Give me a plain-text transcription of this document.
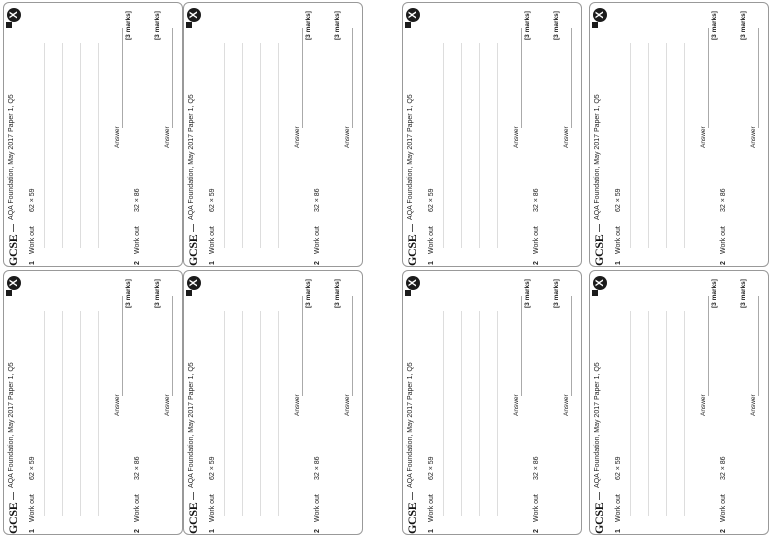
GCSE
AQA Foundation, May 2017 Paper 1, Q5
X
1
Work out
62 × 59
Answer
[3 marks]
2
Work out
32 × 86
Answer
[3 marks]
GCSE
AQA Foundation, May 2017 Paper 1, Q5
X
1
Work out
62 × 59
Answer
[3 marks]
2
Work out
32 × 86
Answer
[3 marks]
GCSE
AQA Foundation, May 2017 Paper 1, Q5
X
1
Work out
62 × 59
Answer
[3 marks]
2
Work out
32 × 86
Answer
[3 marks]
GCSE
AQA Foundation, May 2017 Paper 1, Q5
X
1
Work out
62 × 59
Answer
[3 marks]
2
Work out
32 × 86
Answer
[3 marks]
GCSE
AQA Foundation, May 2017 Paper 1, Q5
X
1
Work out
62 × 59
Answer
[3 marks]
2
Work out
32 × 86
Answer
[3 marks]
GCSE
AQA Foundation, May 2017 Paper 1, Q5
X
1
Work out
62 × 59
Answer
[3 marks]
2
Work out
32 × 86
Answer
[3 marks]
GCSE
AQA Foundation, May 2017 Paper 1, Q5
X
1
Work out
62 × 59
Answer
[3 marks]
2
Work out
32 × 86
Answer
[3 marks]
GCSE
AQA Foundation, May 2017 Paper 1, Q5
X
1
Work out
62 × 59
Answer
[3 marks]
2
Work out
32 × 86
Answer
[3 marks]
